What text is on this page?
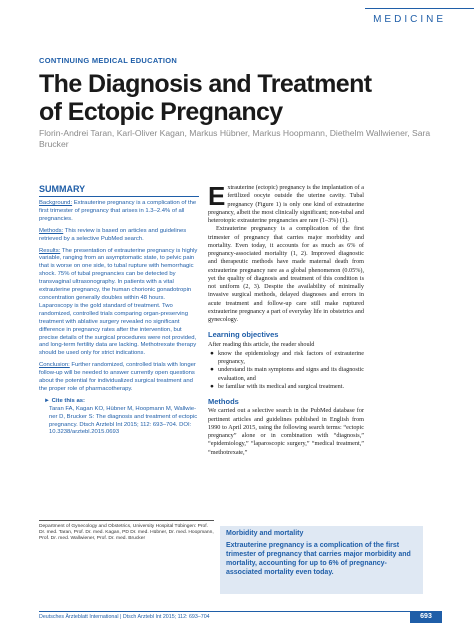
MEDICINE
CONTINUING MEDICAL EDUCATION
The Diagnosis and Treatment of Ectopic Pregnancy
Florin-Andrei Taran, Karl-Oliver Kagan, Markus Hübner, Markus Hoopmann, Diethelm Wallwiener, Sara Brucker
SUMMARY

Background: Extrauterine pregnancy is a complication of the first trimester of pregnancy that arises in 1.3–2.4% of all pregnancies.

Methods: This review is based on articles and guidelines retrieved by a selective PubMed search.

Results: The presentation of extrauterine pregnancy is highly variable, ranging from an asymptomatic state, to pelvic pain that is worse on one side, to tubal rupture with hemorrhagic shock. 75% of tubal pregnancies can be detected by transvaginal ultrasonography. In patients with a vital extrauterine pregnancy, the human chorionic gonadotropin concentration generally doubles within 48 hours. Laparoscopy is the gold standard of treatment. Two randomized, controlled trials comparing organ-preserving treatment with ablative surgery revealed no significant difference in pregnancy rates after the intervention, but precise details of the surgical procedures were not provided, and long-term fertility data are lacking. Methotrexate therapy should be used only for strict indications.

Conclusion: Further randomized, controlled trials with longer follow-up will be needed to answer currently open questions about the potential for individualized surgical treatment and the proper role of pharmacotherapy.

► Cite this as:
Taran FA, Kagan KO, Hübner M, Hoopmann M, Wallwiener D, Brucker S: The diagnosis and treatment of ectopic pregnancy. Dtsch Arztebl Int 2015; 112: 693–704. DOI: 10.3238/arztebl.2015.0693

Extrauterine (ectopic) pregnancy is the implantation of a fertilized oocyte outside the uterine cavity. Tubal pregnancy (Figure 1) is only one kind of extrauterine pregnancy, albeit the most clinically significant; non-tubal and heterotopic extrauterine pregnancies are rare (1–3%) (1).

Extrauterine pregnancy is a complication of the first trimester of pregnancy that carries major morbidity and mortality. Even today, it accounts for as much as 6% of pregnancy-associated mortality (1, 2). Improved diagnostic and therapeutic methods have made maternal death from extrauterine pregnancy rare as a global phenomenon (0.05%), yet the quality of diagnosis and treatment of this condition is not uniform (2, 3). Despite the availability of minimally invasive surgical methods, delayed diagnoses and errors in acute treatment and follow-up care still make ruptured extrauterine pregnancy a part of everyday life in obstetrics and gynecology.

Learning objectives

After reading this article, the reader should

● know the epidemiology and risk factors of extrauterine pregnancy,
● understand its main symptoms and signs and its diagnostic evaluation, and
● be familiar with its medical and surgical treatment.
Methods

We carried out a selective search in the PubMed database for pertinent articles and guidelines published in English from 1990 to April 2015, using the following search terms: “ectopic pregnancy” alone or in combination with “diagnosis,” “epidemiology,” “laparoscopic surgery,” “medical treatment,” “methotrexate,”

Department of Gynecology and Obstetrics, University Hospital Tübingen: Prof. Dr. med. Taran, Prof. Dr. med. Kagan, PD Dr. med. Hübner, Dr. med. Hoopmann, Prof. Dr. med. Wallwiener, Prof. Dr. med. Brucker
Morbidity and mortality
Extrauterine pregnancy is a complication of the first trimester of pregnancy that carries major morbidity and mortality, accounting for up to 6% of pregnancy-associated mortality even today.
Deutsches Ärzteblatt International | Dtsch Arztebl Int 2015; 112: 693–704	693
